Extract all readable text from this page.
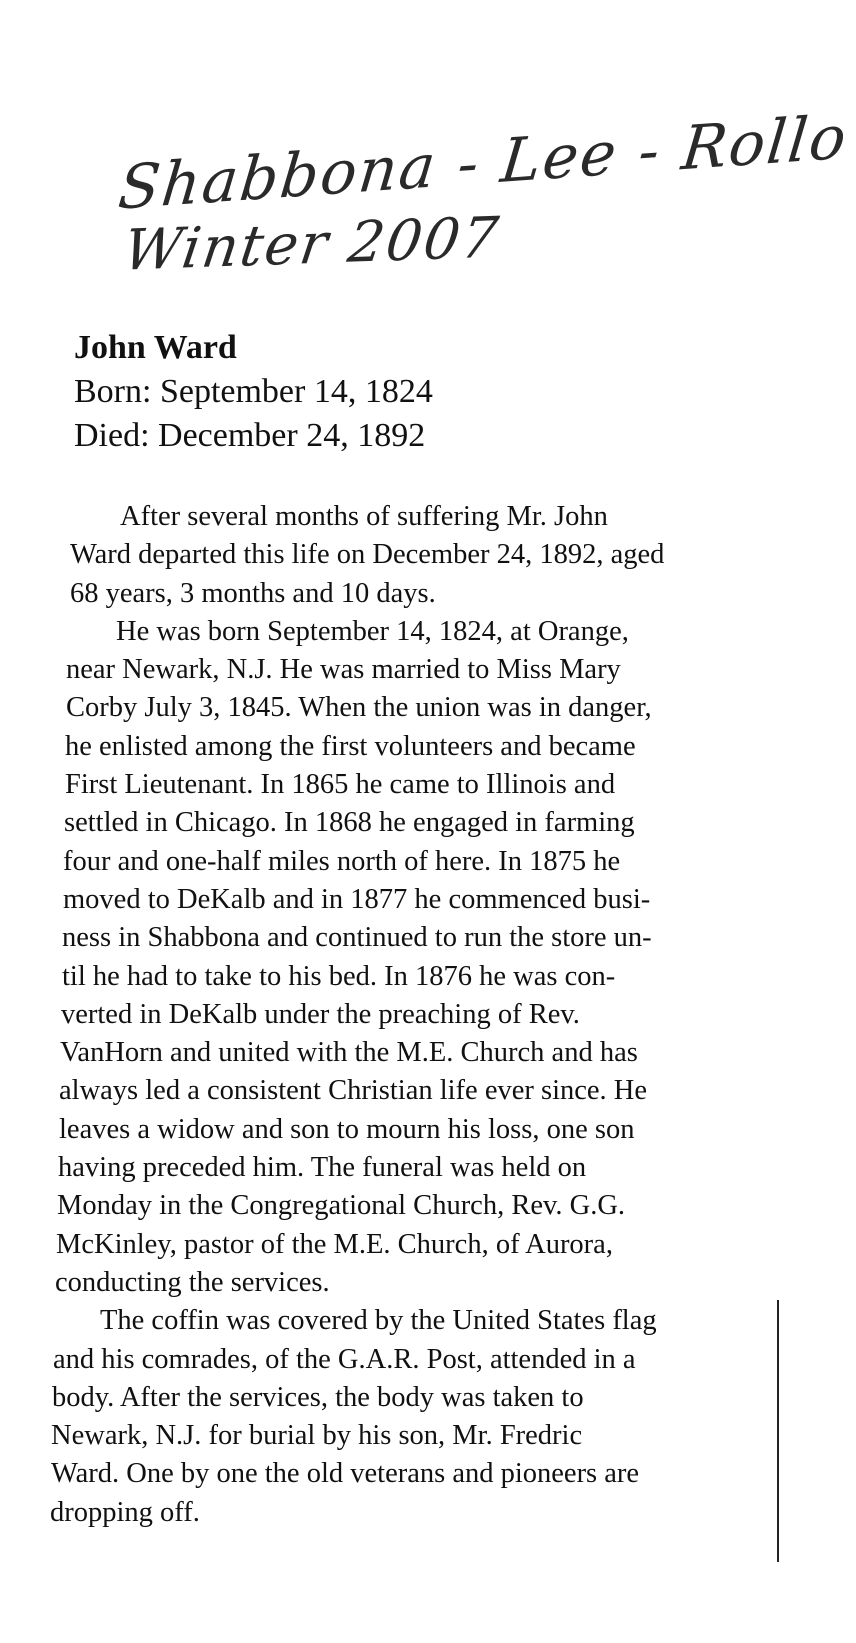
Shabbona - Lee - Rollo
Winter 2007

John Ward

Born: September 14, 1824

Died: December 24, 1892

After several months of suffering Mr. John
Ward departed this life on December 24, 1892, aged
68 years, 3 months and 10 days.
He was born September 14, 1824, at Orange,
near Newark, N.J. He was married to Miss Mary
Corby July 3, 1845. When the union was in danger,
he enlisted among the first volunteers and became
First Lieutenant. In 1865 he came to Illinois and
settled in Chicago. In 1868 he engaged in farming
four and one-half miles north of here. In 1875 he
moved to DeKalb and in 1877 he commenced busi-
ness in Shabbona and continued to run the store un-
til he had to take to his bed. In 1876 he was con-
verted in DeKalb under the preaching of Rev.
VanHorn and united with the M.E. Church and has
always led a consistent Christian life ever since. He
leaves a widow and son to mourn his loss, one son
having preceded him. The funeral was held on
Monday in the Congregational Church, Rev. G.G.
McKinley, pastor of the M.E. Church, of Aurora,
conducting the services.
The coffin was covered by the United States flag
and his comrades, of the G.A.R. Post, attended in a
body. After the services, the body was taken to
Newark, N.J. for burial by his son, Mr. Fredric
Ward. One by one the old veterans and pioneers are
dropping off.
